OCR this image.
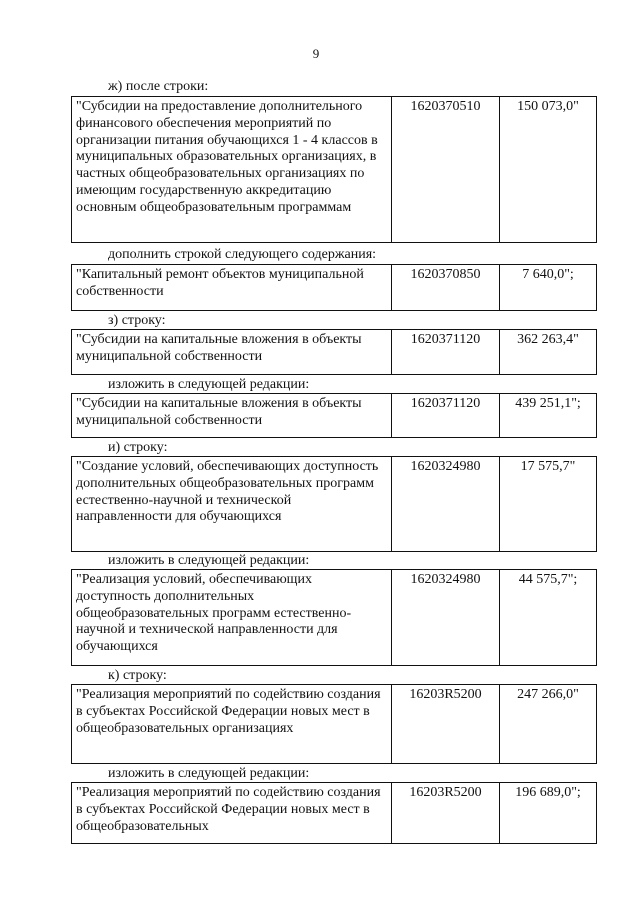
9
ж) после строки:
"Субсидии на предоставление дополнительного финансового обеспечения мероприятий по организации питания обучающихся 1 - 4 классов в муниципальных образовательных организациях, в частных общеобразовательных организациях по имеющим государственную аккредитацию основным общеобразовательным программам
1620370510	150 073,0"
дополнить строкой следующего содержания:
"Капитальный ремонт объектов муниципальной собственности
1620370850	7 640,0";
з) строку:
"Субсидии на капитальные вложения в объекты муниципальной собственности
1620371120	362 263,4"
изложить в следующей редакции:
"Субсидии на капитальные вложения в объекты муниципальной собственности
1620371120	439 251,1";
и) строку:
"Создание условий, обеспечивающих доступность дополнительных общеобразовательных программ естественно-научной и технической направленности для обучающихся
1620324980	17 575,7"
изложить в следующей редакции:
"Реализация условий, обеспечивающих доступность дополнительных общеобразовательных программ естественно-научной и технической направленности для обучающихся
1620324980	44 575,7";
к) строку:
"Реализация мероприятий по содействию создания в субъектах Российской Федерации новых мест в общеобразовательных организациях
16203R5200	247 266,0"
изложить в следующей редакции:
"Реализация мероприятий по содействию создания в субъектах Российской Федерации новых мест в общеобразовательных
16203R5200	196 689,0";
